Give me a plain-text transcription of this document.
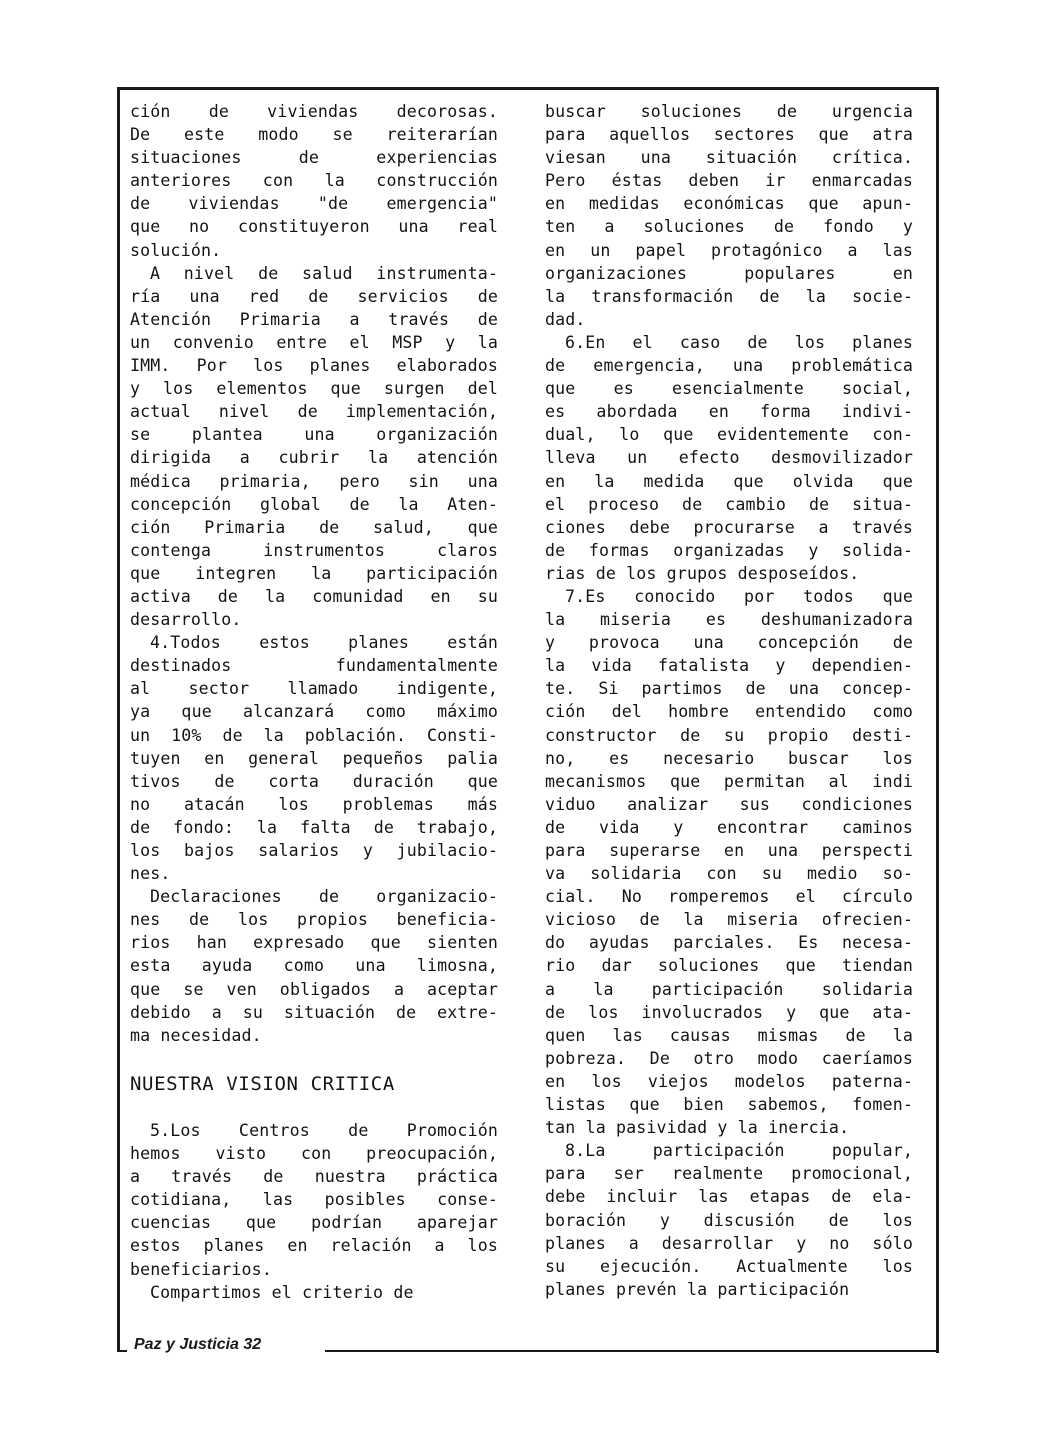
ción de viviendas decorosas.
De este modo se reiterarían
situaciones de experiencias
anteriores con la construcción
de viviendas "de emergencia"
que no constituyeron una real
solución.
A nivel de salud instrumenta-
ría una red de servicios de
Atención Primaria a través de
un convenio entre el MSP y la
IMM. Por los planes elaborados
y los elementos que surgen del
actual nivel de implementación,
se plantea una organización
dirigida a cubrir la atención
médica primaria, pero sin una
concepción global de la Aten-
ción Primaria de salud, que
contenga instrumentos claros
que integren la participación
activa de la comunidad en su
desarrollo.
4.Todos estos planes están
destinados fundamentalmente
al sector llamado indigente,
ya que alcanzará como máximo
un 10% de la población. Consti-
tuyen en general pequeños palia
tivos de corta duración que
no atacán los problemas más
de fondo: la falta de trabajo,
los bajos salarios y jubilacio-
nes.
Declaraciones de organizacio-
nes de los propios beneficia-
rios han expresado que sienten
esta ayuda como una limosna,
que se ven obligados a aceptar
debido a su situación de extre-
ma necesidad.
NUESTRA VISION CRITICA
5.Los Centros de Promoción
hemos visto con preocupación,
a través de nuestra práctica
cotidiana, las posibles conse-
cuencias que podrían aparejar
estos planes en relación a los
beneficiarios.
Compartimos el criterio de
buscar soluciones de urgencia
para aquellos sectores que atra
viesan una situación crítica.
Pero éstas deben ir enmarcadas
en medidas económicas que apun-
ten a soluciones de fondo y
en un papel protagónico a las
organizaciones populares en
la transformación de la socie-
dad.
6.En el caso de los planes
de emergencia, una problemática
que es esencialmente social,
es abordada en forma indivi-
dual, lo que evidentemente con-
lleva un efecto desmovilizador
en la medida que olvida que
el proceso de cambio de situa-
ciones debe procurarse a través
de formas organizadas y solida-
rias de los grupos desposeídos.
7.Es conocido por todos que
la miseria es deshumanizadora
y provoca una concepción de
la vida fatalista y dependien-
te. Si partimos de una concep-
ción del hombre entendido como
constructor de su propio desti-
no, es necesario buscar los
mecanismos que permitan al indi
viduo analizar sus condiciones
de vida y encontrar caminos
para superarse en una perspecti
va solidaria con su medio so-
cial. No romperemos el círculo
vicioso de la miseria ofrecien-
do ayudas parciales. Es necesa-
rio dar soluciones que tiendan
a la participación solidaria
de los involucrados y que ata-
quen las causas mismas de la
pobreza. De otro modo caeríamos
en los viejos modelos paterna-
listas que bien sabemos, fomen-
tan la pasividad y la inercia.
8.La participación popular,
para ser realmente promocional,
debe incluir las etapas de ela-
boración y discusión de los
planes a desarrollar y no sólo
su ejecución. Actualmente los
planes prevén la participación
Paz y Justicia 32
